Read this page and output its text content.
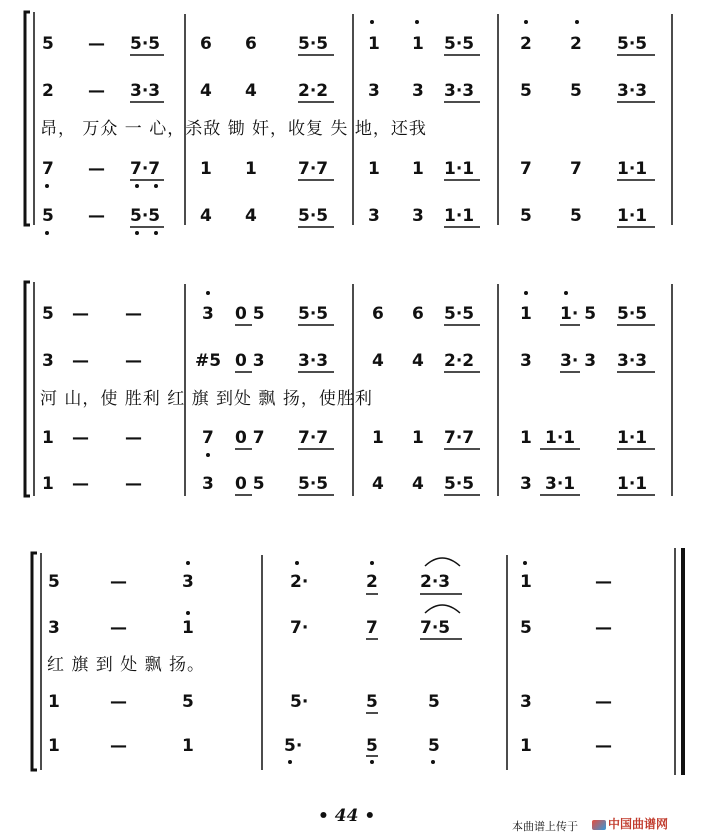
5 — 5·5 6 6 5·5 1 1 5·5	2 2 5·5
2 — 3·3 4 4 2·2 3 3 3·3	5 5 3·3
昂， 万众 一 心，杀敌 锄 奸，收复 失 地，还我
7 — 7·7 1 1 7·7 1 1 1·1	7 7 1·1
5 — 5·5 4 4 5·5 3 3 1·1	5 5 1·1
5 — —	3 0 5 5·5	6 6 5·5	1 1· 5 5·5
3 — —	#5 0 3 3·3	4 4 2·2	3 3· 3 3·3
河 山，使 胜利 红 旗 到处 飘 扬，使胜利
1 — —	7 0 7 7·7	1 1 7·7	1 1·1 1·1
1 — —	3 0 5 5·5	4 4 5·5	3 3·1 1·1
5	—	3	2·	2 2·3	1	—
3	—	1	7·	7 7·5	5	—
红 旗 到 处 飘 扬。
1	—	5	5·	5	5	3	—
1	—	1	5·	5	5	1	—
• 44 •
本曲谱上传于	中国曲谱网
